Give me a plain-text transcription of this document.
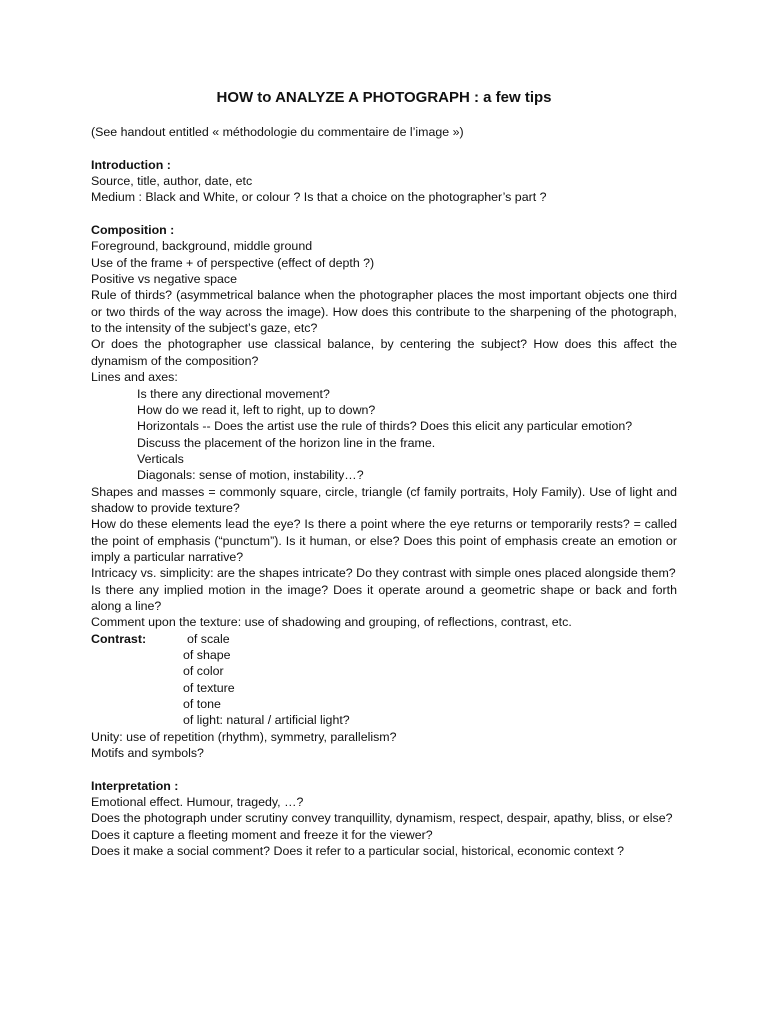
HOW to ANALYZE A PHOTOGRAPH : a few tips

(See handout entitled « méthodologie du commentaire de l’image »)

Introduction :

Source, title, author, date, etc

Medium : Black and White, or colour ? Is that a choice on the photographer’s part ?

Composition :

Foreground, background, middle ground

Use of the frame + of perspective (effect of depth ?)

Positive vs negative space

Rule of thirds? (asymmetrical balance when the photographer places the most important objects one third or two thirds of the way across the image). How does this contribute to the sharpening of the photograph, to the intensity of the subject’s gaze, etc?

Or does the photographer use classical balance, by centering the subject? How does this affect the dynamism of the composition?

Lines and axes:

Is there any directional movement?

How do we read it, left to right, up to down?

Horizontals -- Does the artist use the rule of thirds? Does this elicit any particular emotion?

Discuss the placement of the horizon line in the frame.

Verticals

Diagonals: sense of motion, instability…?

Shapes and masses = commonly square, circle, triangle (cf family portraits, Holy Family). Use of light and shadow to provide texture?

How do these elements lead the eye? Is there a point where the eye returns or temporarily rests? = called the point of emphasis (“punctum”). Is it human, or else? Does this point of emphasis create an emotion or imply a particular narrative?

Intricacy vs. simplicity: are the shapes intricate? Do they contrast with simple ones placed alongside them?

Is there any implied motion in the image? Does it operate around a geometric shape or back and forth along a line?

Comment upon the texture: use of shadowing and grouping, of reflections, contrast, etc.

Contrast:	of scale

of shape

of color

of texture

of tone

of light: natural / artificial light?

Unity: use of repetition (rhythm), symmetry, parallelism?

Motifs and symbols?

Interpretation :

Emotional effect. Humour, tragedy, …?

Does the photograph under scrutiny convey tranquillity, dynamism, respect, despair, apathy, bliss, or else?

Does it capture a fleeting moment and freeze it for the viewer?

Does it make a social comment? Does it refer to a particular social, historical, economic context ?
